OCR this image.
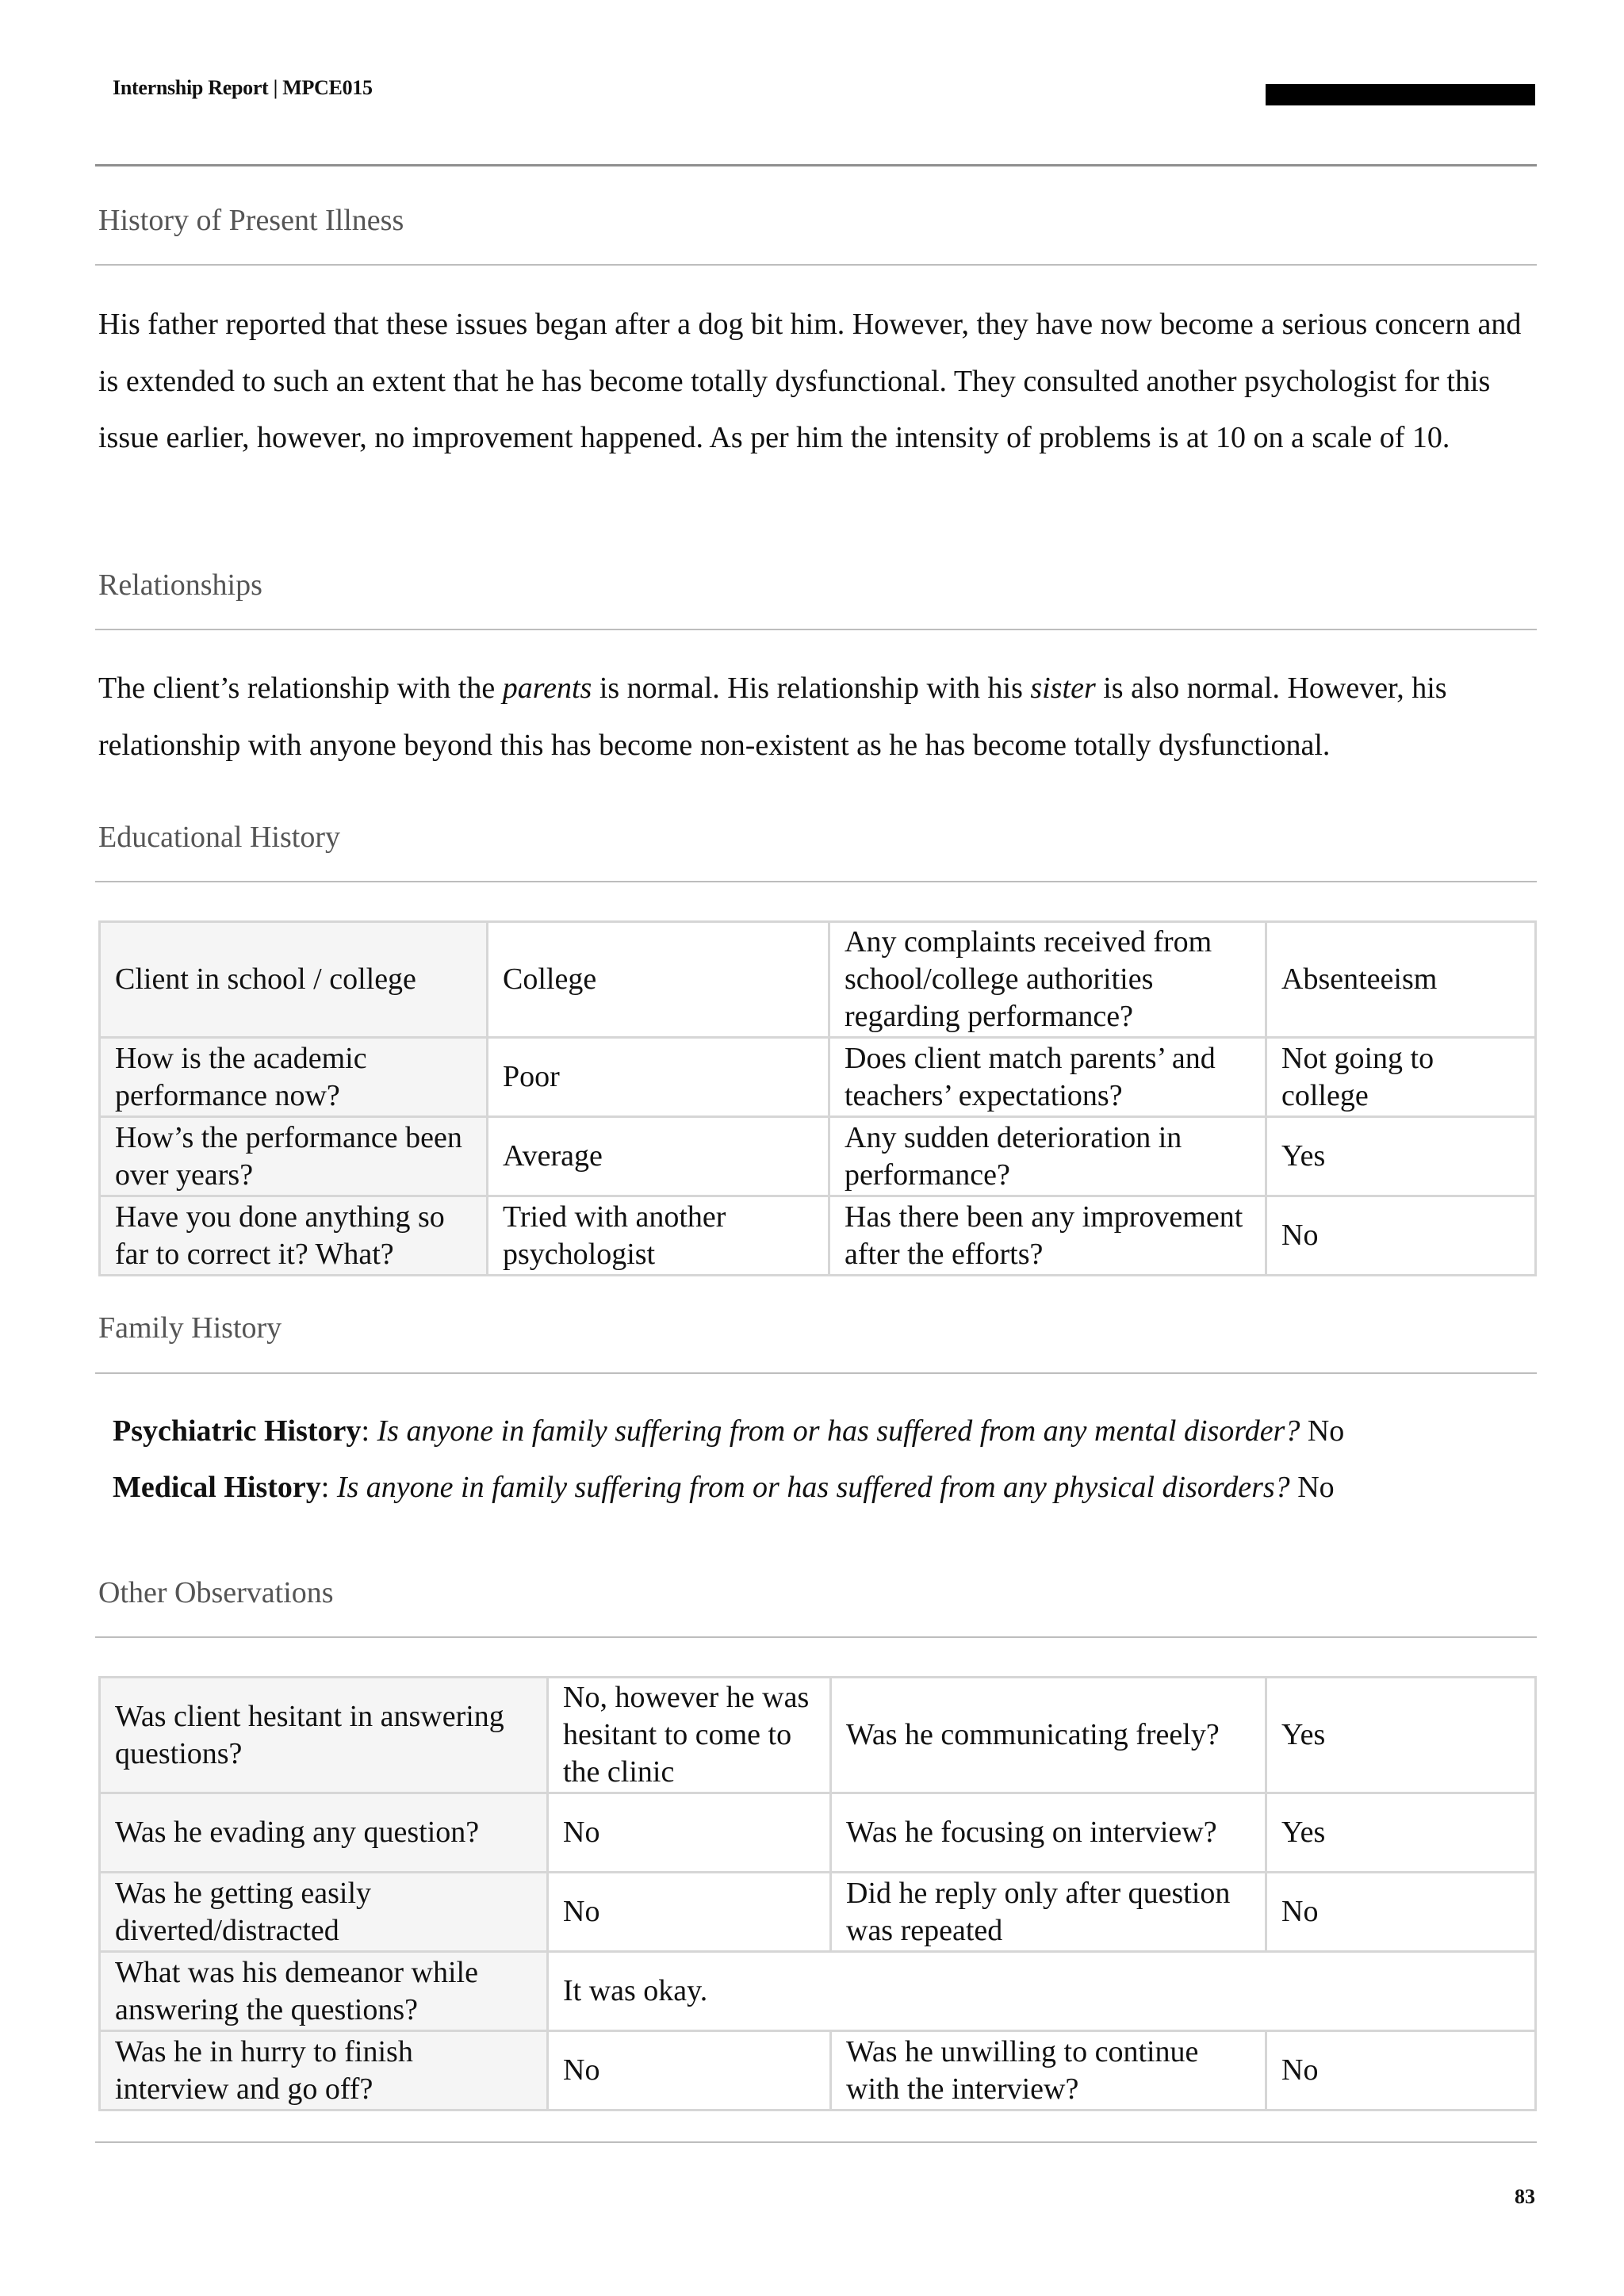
Internship Report | MPCE015
History of Present Illness

His father reported that these issues began after a dog bit him. However, they have now become a serious concern and is extended to such an extent that he has become totally dysfunctional. They consulted another psychologist for this issue earlier, however, no improvement happened. As per him the intensity of problems is at 10 on a scale of 10.

Relationships

The client’s relationship with the parents is normal. His relationship with his sister is also normal. However, his relationship with anyone beyond this has become non-existent as he has become totally dysfunctional.

Educational History
Client in school / college	College	Any complaints received from school/college authorities regarding performance?	Absenteeism
How is the academic performance now?	Poor	Does client match parents’ and teachers’ expectations?	Not going to college
How’s the performance been over years?	Average	Any sudden deterioration in performance?	Yes
Have you done anything so far to correct it? What?	Tried with another psychologist	Has there been any improvement after the efforts?	No
Family History
Psychiatric History: Is anyone in family suffering from or has suffered from any mental disorder? No
Medical History: Is anyone in family suffering from or has suffered from any physical disorders? No
Other Observations
Was client hesitant in answering questions?	No, however he was hesitant to come to the clinic	Was he communicating freely?	Yes
Was he evading any question?	No	Was he focusing on interview?	Yes
Was he getting easily diverted/distracted	No	Did he reply only after question was repeated	No
What was his demeanor while answering the questions?	It was okay.		
Was he in hurry to finish interview and go off?	No	Was he unwilling to continue with the interview?	No
83
